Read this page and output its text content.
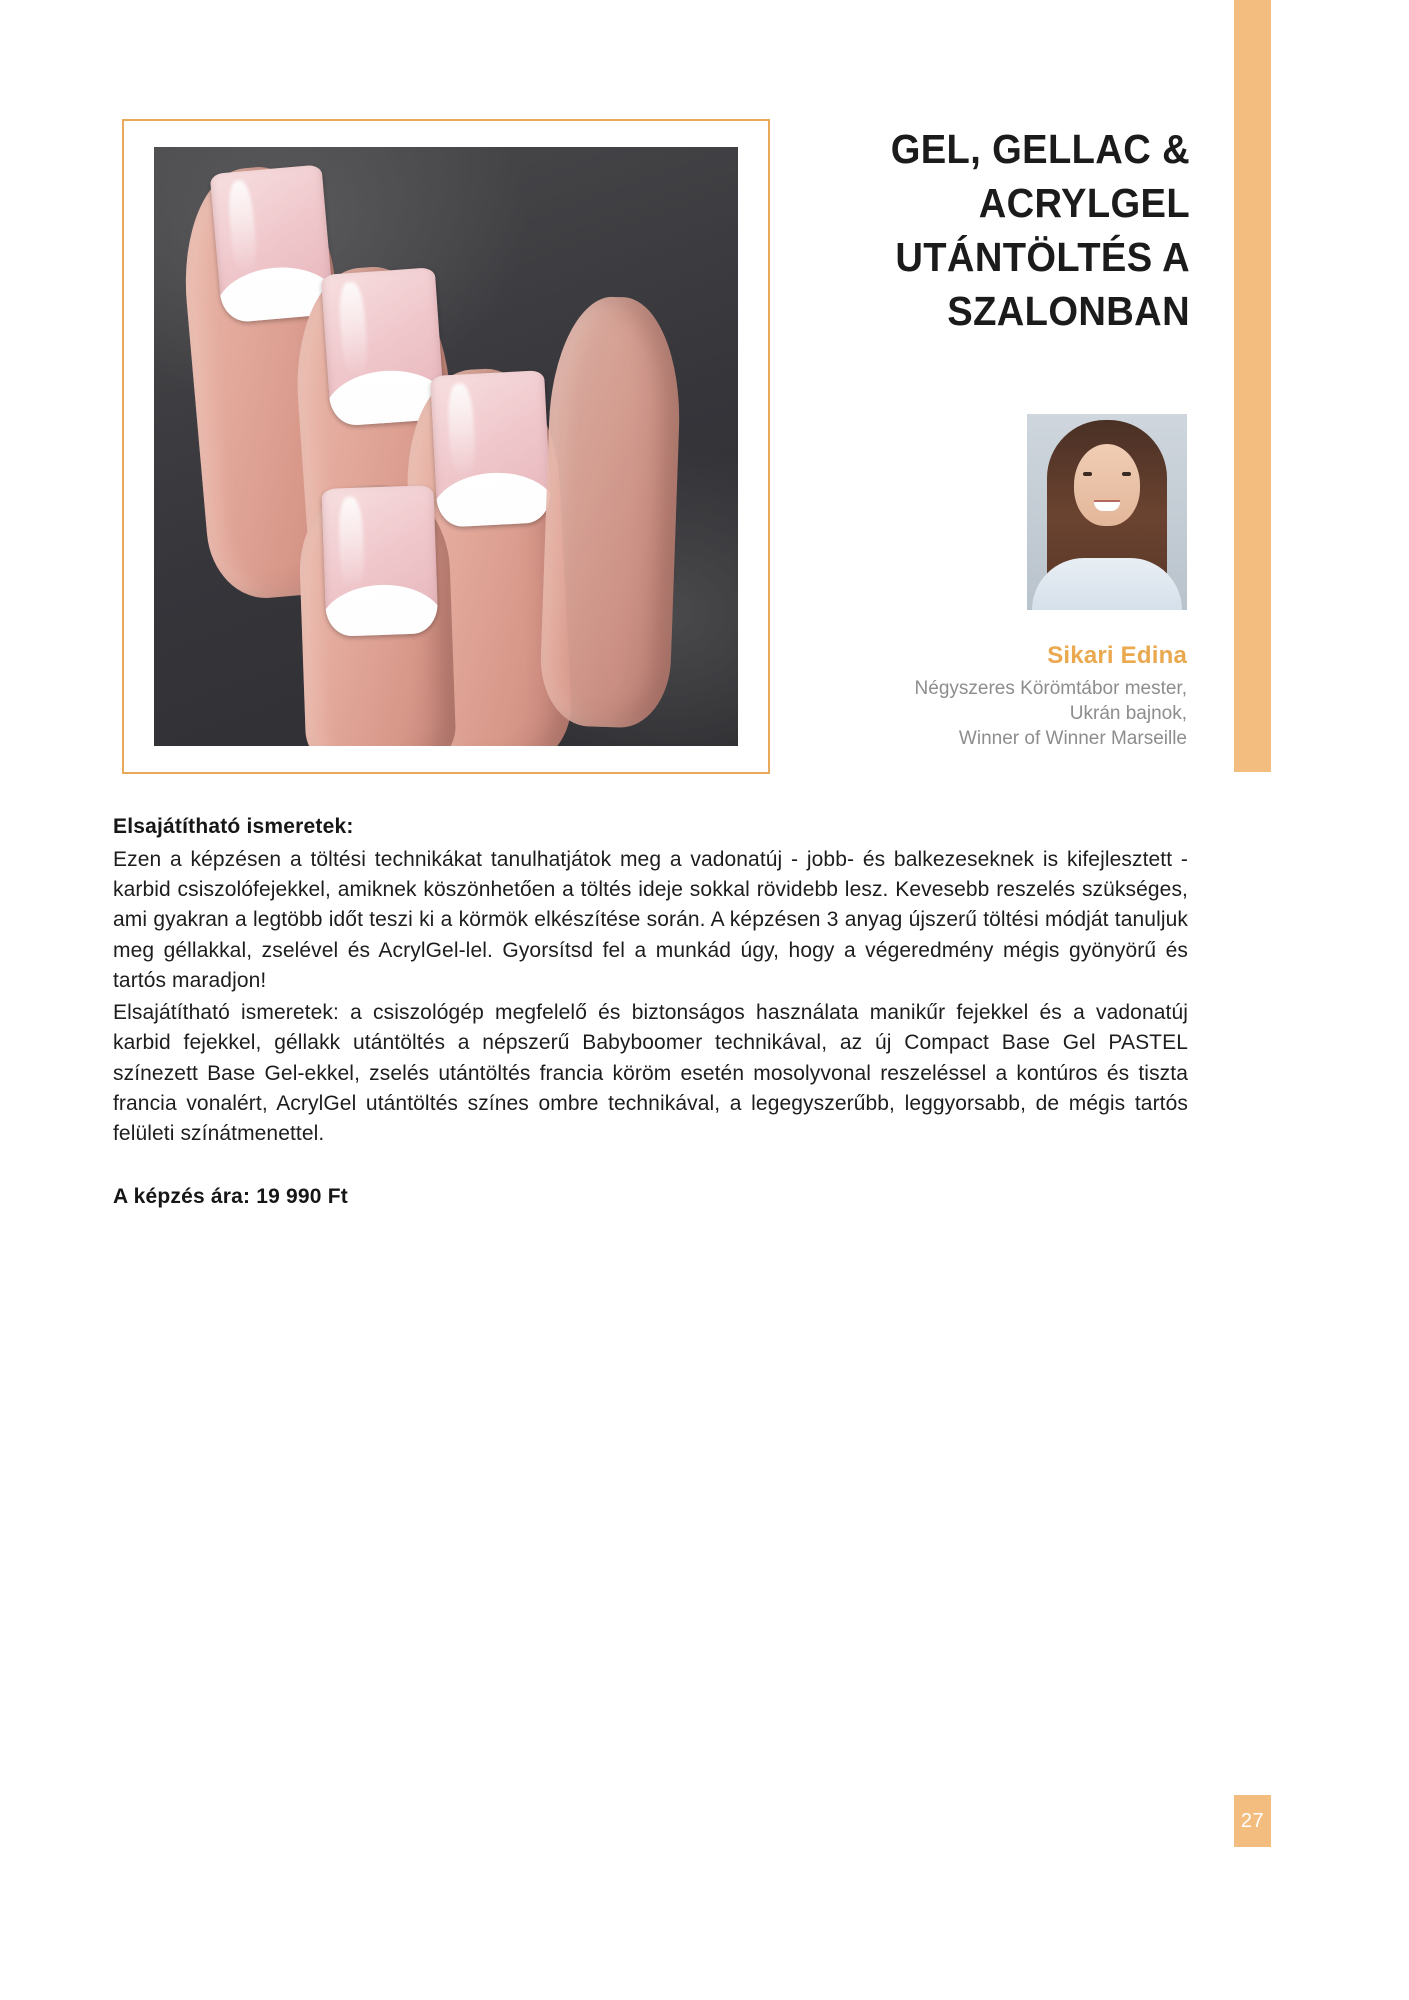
27
GEL, GELLAC & ACRYLGEL
UTÁNTÖLTÉS A
SZALONBAN
Sikari Edina
Négyszeres Körömtábor mester,
Ukrán bajnok,
Winner of Winner Marseille
Elsajátítható ismeretek:

Ezen a képzésen a töltési technikákat tanulhatjátok meg a vadonatúj - jobb- és balkezeseknek is kifejlesztett -karbid csiszolófejekkel, amiknek köszönhetően a töltés ideje sokkal rövidebb lesz. Kevesebb reszelés szükséges, ami gyakran a legtöbb időt teszi ki a körmök elkészítése során. A képzésen 3 anyag újszerű töltési módját tanuljuk meg géllakkal, zselével és AcrylGel-lel. Gyorsítsd fel a munkád úgy, hogy a végeredmény mégis gyönyörű és tartós maradjon!

Elsajátítható ismeretek: a csiszológép megfelelő és biztonságos használata manikűr fejekkel és a vadonatúj karbid fejekkel, géllakk utántöltés a népszerű Babyboomer technikával, az új Compact Base Gel PASTEL színezett Base Gel-ekkel, zselés utántöltés francia köröm esetén mosolyvonal reszeléssel a kontúros és tiszta francia vonalért, AcrylGel utántöltés színes ombre technikával, a legegyszerűbb, leggyorsabb, de mégis tartós felületi színátmenettel.

A képzés ára: 19 990 Ft
